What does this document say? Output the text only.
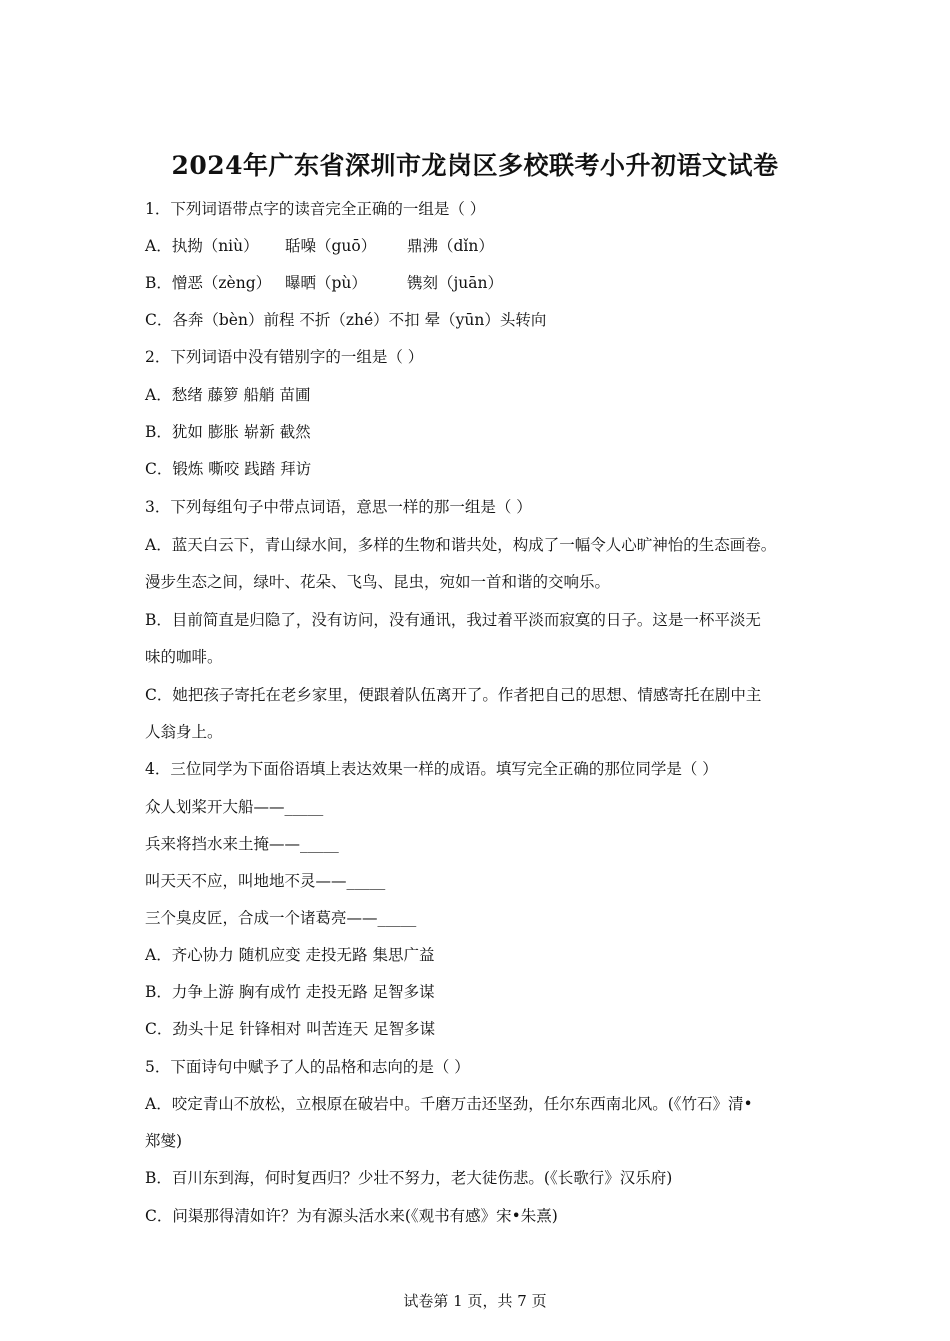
2024年广东省深圳市龙岗区多校联考小升初语文试卷
1．下列词语带点字的读音完全正确的一组是（ ）
A．执拗（niù） 聒噪（guō） 鼎沸（dǐn）
B．憎恶（zèng） 曝晒（pù）	镌刻（juān）
C．各奔（bèn）前程 不折（zhé）不扣 晕（yūn）头转向
2．下列词语中没有错别字的一组是（ ）
A．愁绪 藤箩 船艄 苗圃
B．犹如 膨胀 崭新 截然
C．锻炼 嘶咬 践踏 拜访
3．下列每组句子中带点词语，意思一样的那一组是（ ）
A．蓝天白云下，青山绿水间，多样的生物和谐共处，构成了一幅令人心旷神怡的生态画卷。
漫步生态之间，绿叶、花朵、飞鸟、昆虫，宛如一首和谐的交响乐。
B．目前简直是归隐了，没有访问，没有通讯，我过着平淡而寂寞的日子。这是一杯平淡无
味的咖啡。
C．她把孩子寄托在老乡家里，便跟着队伍离开了。作者把自己的思想、情感寄托在剧中主
人翁身上。
4．三位同学为下面俗语填上表达效果一样的成语。填写完全正确的那位同学是（ ）
众人划桨开大船——_____
兵来将挡水来土掩——_____
叫天天不应，叫地地不灵——_____
三个臭皮匠，合成一个诸葛亮——_____
A．齐心协力 随机应变 走投无路 集思广益
B．力争上游 胸有成竹 走投无路 足智多谋
C．劲头十足 针锋相对 叫苦连天 足智多谋
5．下面诗句中赋予了人的品格和志向的是（ ）
A．咬定青山不放松，立根原在破岩中。千磨万击还坚劲，任尔东西南北风。(《竹石》清•
郑燮)
B．百川东到海，何时复西归？少壮不努力，老大徒伤悲。(《长歌行》汉乐府)
C．问渠那得清如许？为有源头活水来(《观书有感》宋•朱熹)
试卷第 1 页，共 7 页
